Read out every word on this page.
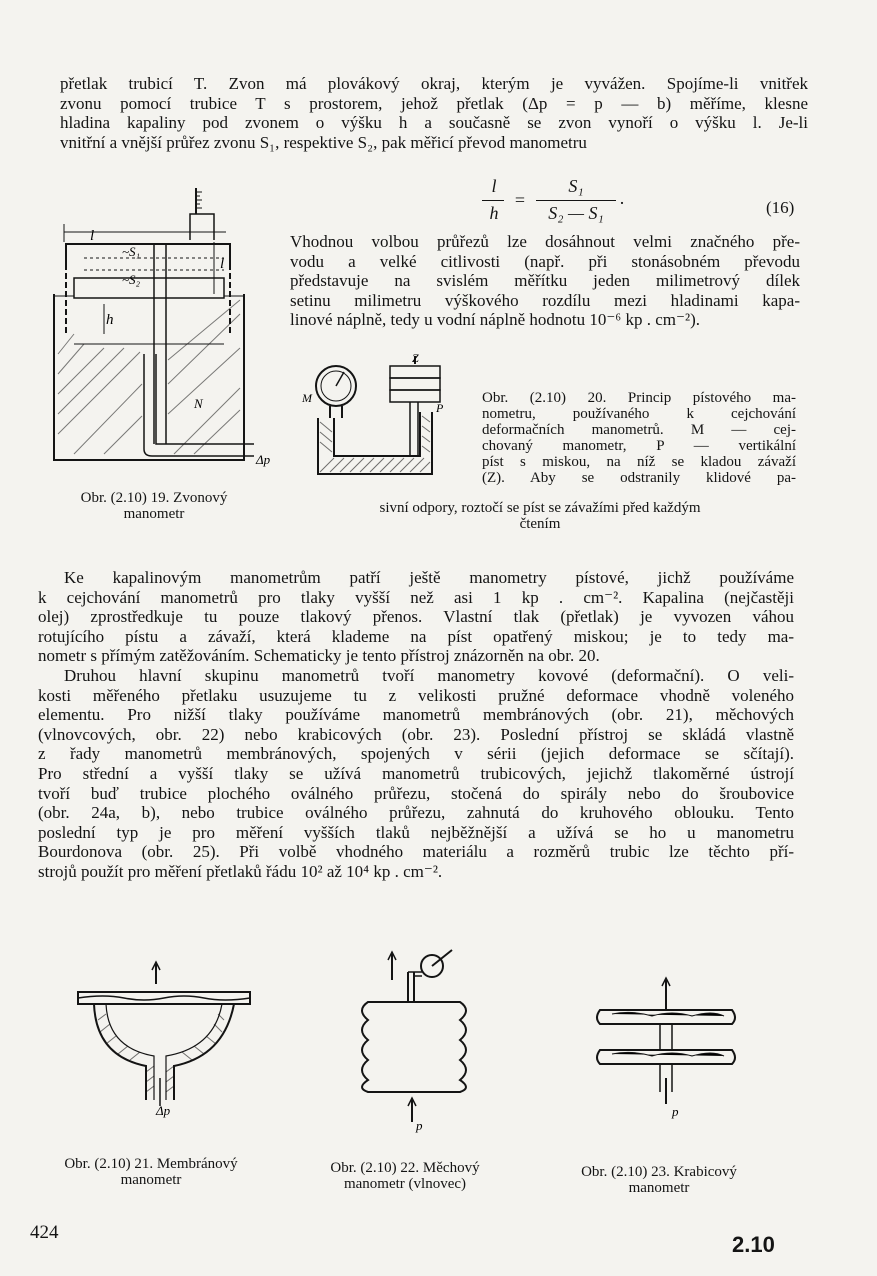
přetlak trubicí T. Zvon má plovákový okraj, kterým je vyvážen. Spojíme-li vnitřek
zvonu pomocí trubice T s prostorem, jehož přetlak (Δp = p — b) měříme, klesne
hladina kapaliny pod zvonem o výšku h a současně se zvon vynoří o výšku l. Je-li
vnitřní a vnější průřez zvonu S₁, respektive S₂, pak měřicí převod manometru

l
h
=
S₁
S₂ — S₁
.	(16)

Vhodnou volbou průřezů lze dosáhnout velmi značného pře-
vodu a velké citlivosti (např. při stonásobném převodu
představuje na svislém měřítku jeden milimetrový dílek
setinu milimetru výškového rozdílu mezi hladinami kapa-
linové náplně, tedy u vodní náplně hodnotu 10⁻⁶ kp . cm⁻²).

l
~S₁
~S₂
l
h
N
Δp

Obr. (2.10) 19. Zvonový
manometr

Z
M
P

Obr. (2.10) 20. Princip pístového ma-
nometru, používaného k cejchování
deformačních manometrů. M — cej-
chovaný manometr, P — vertikální
píst s miskou, na níž se kladou závaží
(Z). Aby se odstranily klidové pa-

sivní odpory, roztočí se píst se závažími před každým
čtením

Ke kapalinovým manometrům patří ještě manometry pístové, jichž používáme
k cejchování manometrů pro tlaky vyšší než asi 1 kp . cm⁻². Kapalina (nejčastěji
olej) zprostředkuje tu pouze tlakový přenos. Vlastní tlak (přetlak) je vyvozen váhou
rotujícího pístu a závaží, která klademe na píst opatřený miskou; je to tedy ma-
nometr s přímým zatěžováním. Schematicky je tento přístroj znázorněn na obr. 20.
Druhou hlavní skupinu manometrů tvoří manometry kovové (deformační). O veli-
kosti měřeného přetlaku usuzujeme tu z velikosti pružné deformace vhodně voleného
elementu. Pro nižší tlaky používáme manometrů membránových (obr. 21), měchových
(vlnovcových, obr. 22) nebo krabicových (obr. 23). Poslední přístroj se skládá vlastně
z řady manometrů membránových, spojených v sérii (jejich deformace se sčítají).
Pro střední a vyšší tlaky se užívá manometrů trubicových, jejichž tlakoměrné ústrojí
tvoří buď trubice plochého oválného průřezu, stočená do spirály nebo do šroubovice
(obr. 24a, b), nebo trubice oválného průřezu, zahnutá do kruhového oblouku. Tento
poslední typ je pro měření vyšších tlaků nejběžnější a užívá se ho u manometru
Bourdonova (obr. 25). Při volbě vhodného materiálu a rozměrů trubic lze těchto pří-
strojů použít pro měření přetlaků řádu 10² až 10⁴ kp . cm⁻².

Δp

Obr. (2.10) 21. Membránový
manometr

p

Obr. (2.10) 22. Měchový
manometr (vlnovec)

p

Obr. (2.10) 23. Krabicový
manometr

424	2.10
